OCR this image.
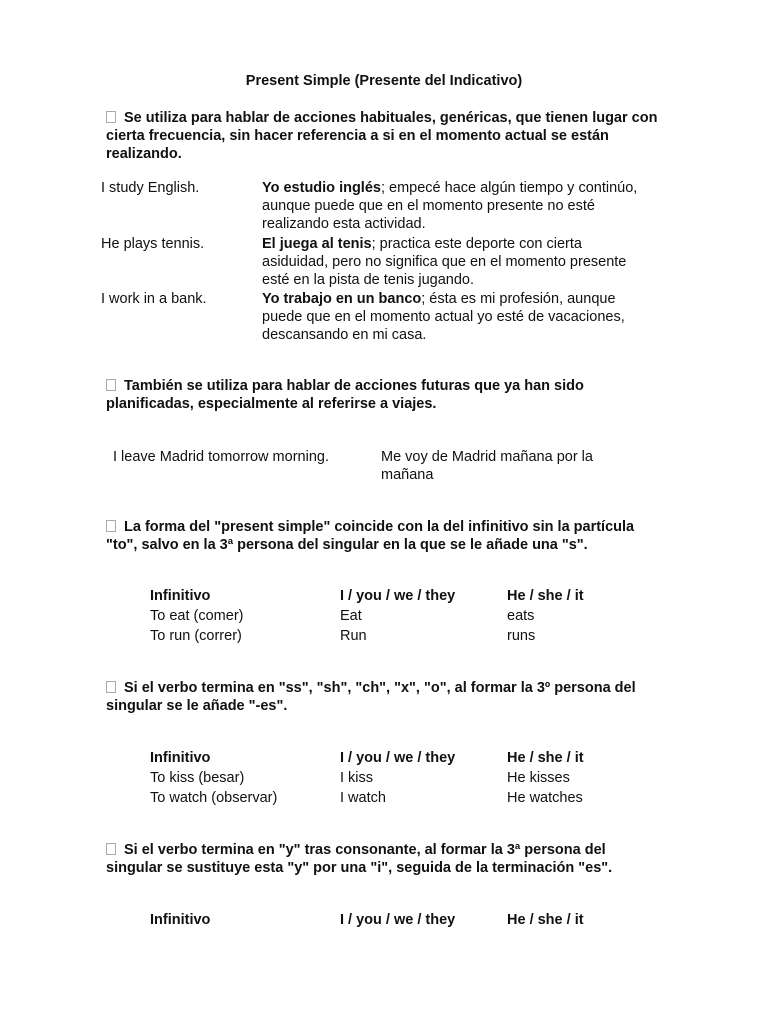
Present Simple (Presente del Indicativo)
Se utiliza para hablar de acciones habituales, genéricas, que tienen lugar con cierta frecuencia, sin hacer referencia a si en el momento actual se están realizando.
I study English.	Yo estudio inglés; empecé hace algún tiempo y continúo, aunque puede que en el momento presente no esté realizando esta actividad.
He plays tennis.	El juega al tenis; practica este deporte con cierta asiduidad, pero no significa que en el momento presente esté en la pista de tenis jugando.
I work in a bank.	Yo trabajo en un banco; ésta es mi profesión, aunque puede que en el momento actual yo esté de vacaciones, descansando en mi casa.
También se utiliza para hablar de acciones futuras que ya han sido planificadas, especialmente al referirse a viajes.
I leave Madrid tomorrow morning.	Me voy de Madrid mañana por la mañana
La forma del "present simple" coincide con la del infinitivo sin la partícula "to", salvo en la 3ª persona del singular en la que se le añade una "s".
Infinitivo	I / you / we / they	He / she / it
To eat (comer)	Eat	eats
To run (correr)	Run	runs
Si el verbo termina en "ss", "sh", "ch", "x", "o", al formar la 3º persona del singular se le añade "-es".
Infinitivo	I / you / we / they	He / she / it
To kiss (besar)	I kiss	He kisses
To watch (observar)	I watch	He watches
Si el verbo termina en "y" tras consonante, al formar la 3ª persona del singular se sustituye esta "y" por una "i", seguida de la terminación "es".
Infinitivo	I / you / we / they	He / she / it
